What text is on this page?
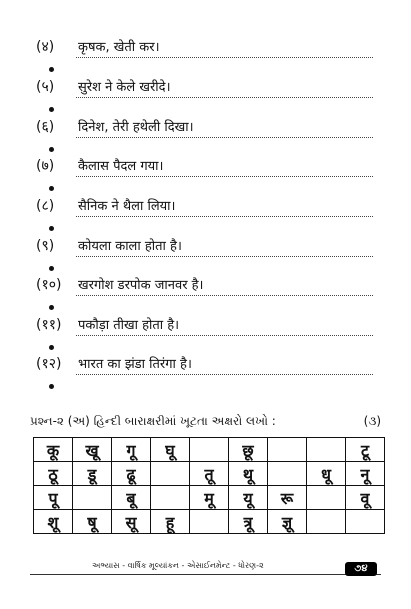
(४) कृषक, खेती कर।
(५) सुरेश ने केले खरीदे।
(६) दिनेश, तेरी हथेली दिखा।
(७) कैलास पैदल गया।
(८) सैनिक ने थैला लिया।
(९) कोयला काला होता है।
(१०) खरगोश डरपोक जानवर है।
(११) पकौड़ा तीखा होता है।
(१२) भारत का झंडा तिरंगा है।
પ્રશ્ન-૨ (અ) હિન્દી બારાક્ષરીમાં ખૂટતા અક્ષરો લખો :	(૩)
कू	खू	गू	घू		छू			टू
ठू	डू	ढू		तू	थू		धू	नू
पू		बू		मू	यू	रू		वू
शू	षू	सू	हू		त्रू	ज्ञू		
અભ્યાસ - વાર્ષિક મૂલ્યાંકન - એસાઈનમેન્ટ - ધોરણ-૨	૭૪
